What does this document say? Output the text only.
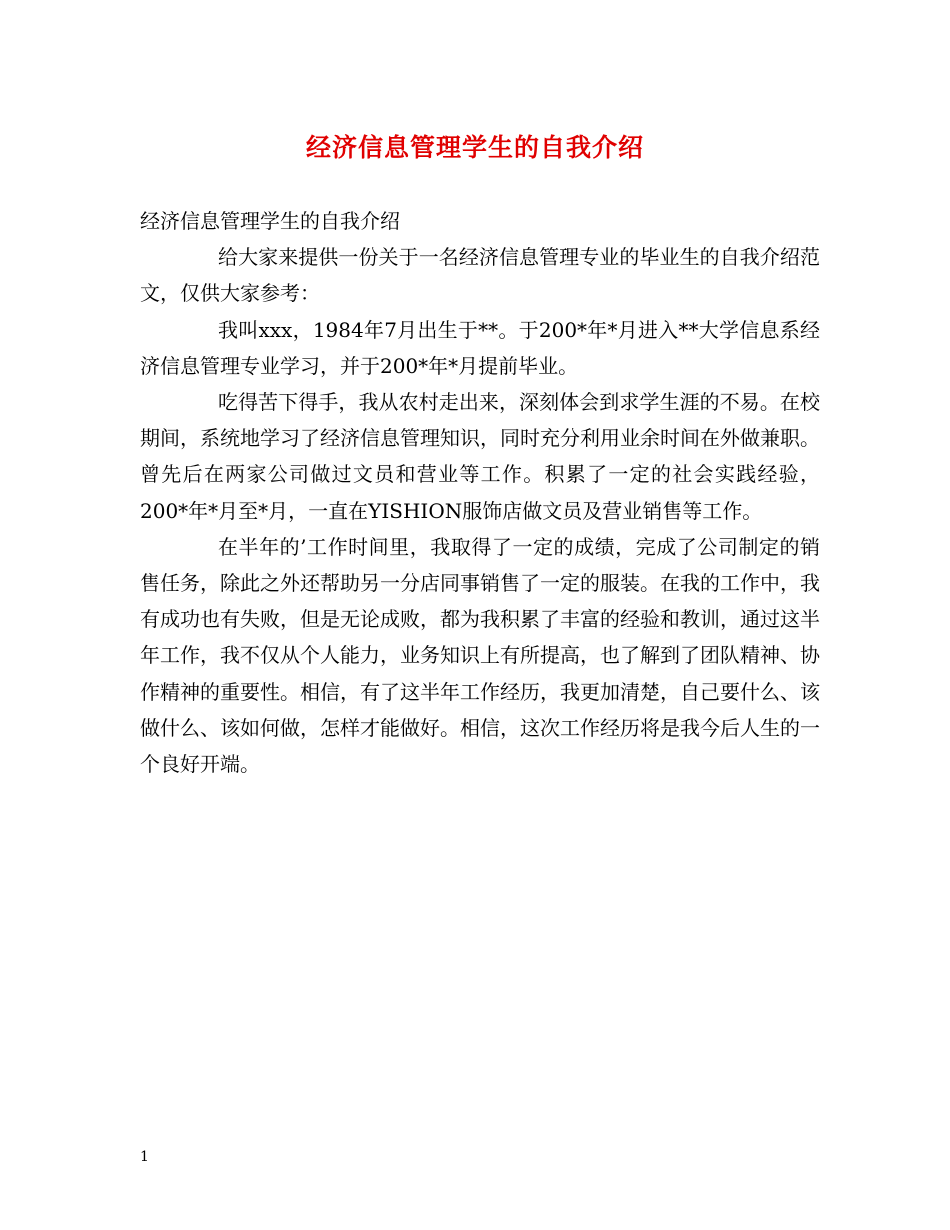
经济信息管理学生的自我介绍

经济信息管理学生的自我介绍

给大家来提供一份关于一名经济信息管理专业的毕业生的自我介绍范文，仅供大家参考：

我叫xxx，1984年7月出生于**。于200*年*月进入**大学信息系经济信息管理专业学习，并于200*年*月提前毕业。

吃得苦下得手，我从农村走出来，深刻体会到求学生涯的不易。在校期间，系统地学习了经济信息管理知识，同时充分利用业余时间在外做兼职。曾先后在两家公司做过文员和营业等工作。积累了一定的社会实践经验，200*年*月至*月，一直在YISHION服饰店做文员及营业销售等工作。

在半年的’工作时间里，我取得了一定的成绩，完成了公司制定的销售任务，除此之外还帮助另一分店同事销售了一定的服装。在我的工作中，我有成功也有失败，但是无论成败，都为我积累了丰富的经验和教训，通过这半年工作，我不仅从个人能力，业务知识上有所提高，也了解到了团队精神、协作精神的重要性。相信，有了这半年工作经历，我更加清楚，自己要什么、该做什么、该如何做，怎样才能做好。相信，这次工作经历将是我今后人生的一个良好开端。

1
